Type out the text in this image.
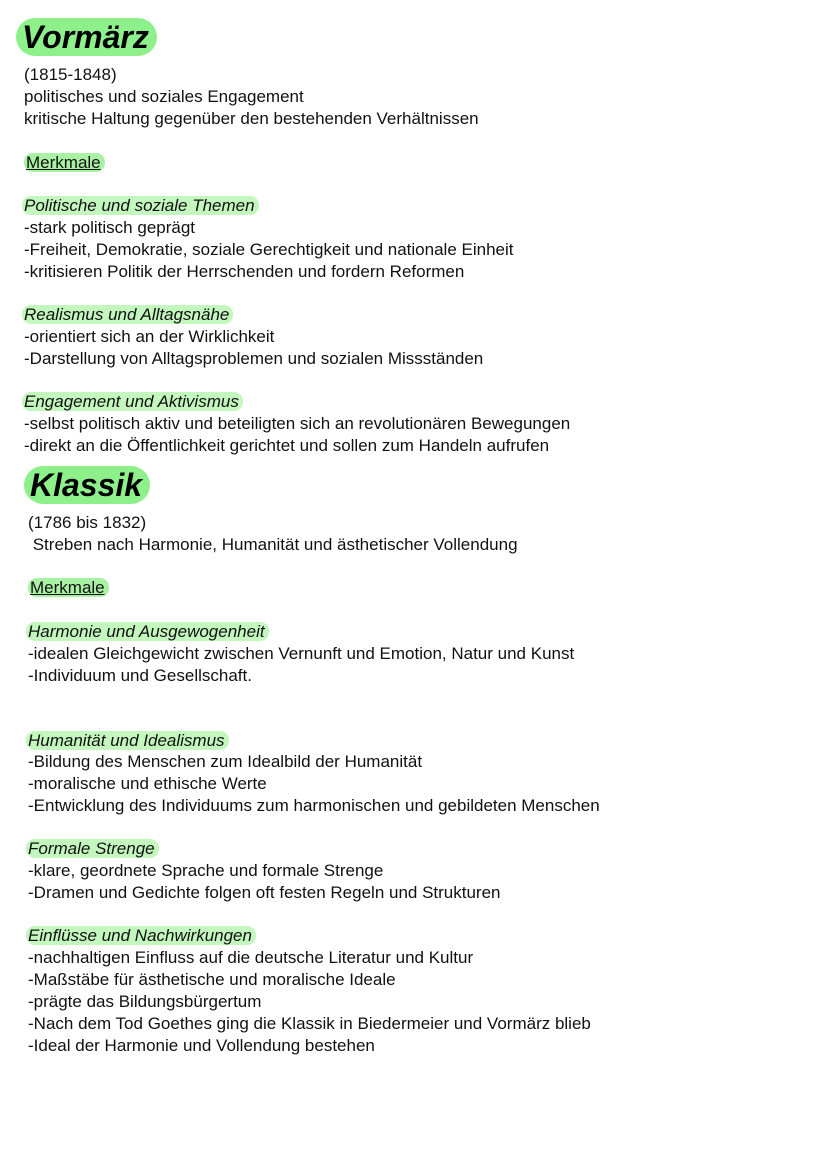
Vormärz
(1815-1848)
politisches und soziales Engagement
kritische Haltung gegenüber den bestehenden Verhältnissen
Merkmale
Politische und soziale Themen
-stark politisch geprägt
-Freiheit, Demokratie, soziale Gerechtigkeit und nationale Einheit
-kritisieren Politik der Herrschenden und fordern Reformen
Realismus und Alltagsnähe
-orientiert sich an der Wirklichkeit
-Darstellung von Alltagsproblemen und sozialen Missständen
Engagement und Aktivismus
-selbst politisch aktiv und beteiligten sich an revolutionären Bewegungen
-direkt an die Öffentlichkeit gerichtet und sollen zum Handeln aufrufen
Klassik
(1786 bis 1832)
Streben nach Harmonie, Humanität und ästhetischer Vollendung
Merkmale
Harmonie und Ausgewogenheit
-idealen Gleichgewicht zwischen Vernunft und Emotion, Natur und Kunst
-Individuum und Gesellschaft.
Humanität und Idealismus
-Bildung des Menschen zum Idealbild der Humanität
-moralische und ethische Werte
-Entwicklung des Individuums zum harmonischen und gebildeten Menschen
Formale Strenge
-klare, geordnete Sprache und formale Strenge
-Dramen und Gedichte folgen oft festen Regeln und Strukturen
Einflüsse und Nachwirkungen
-nachhaltigen Einfluss auf die deutsche Literatur und Kultur
-Maßstäbe für ästhetische und moralische Ideale
-prägte das Bildungsbürgertum
-Nach dem Tod Goethes ging die Klassik in Biedermeier und Vormärz blieb
-Ideal der Harmonie und Vollendung bestehen
